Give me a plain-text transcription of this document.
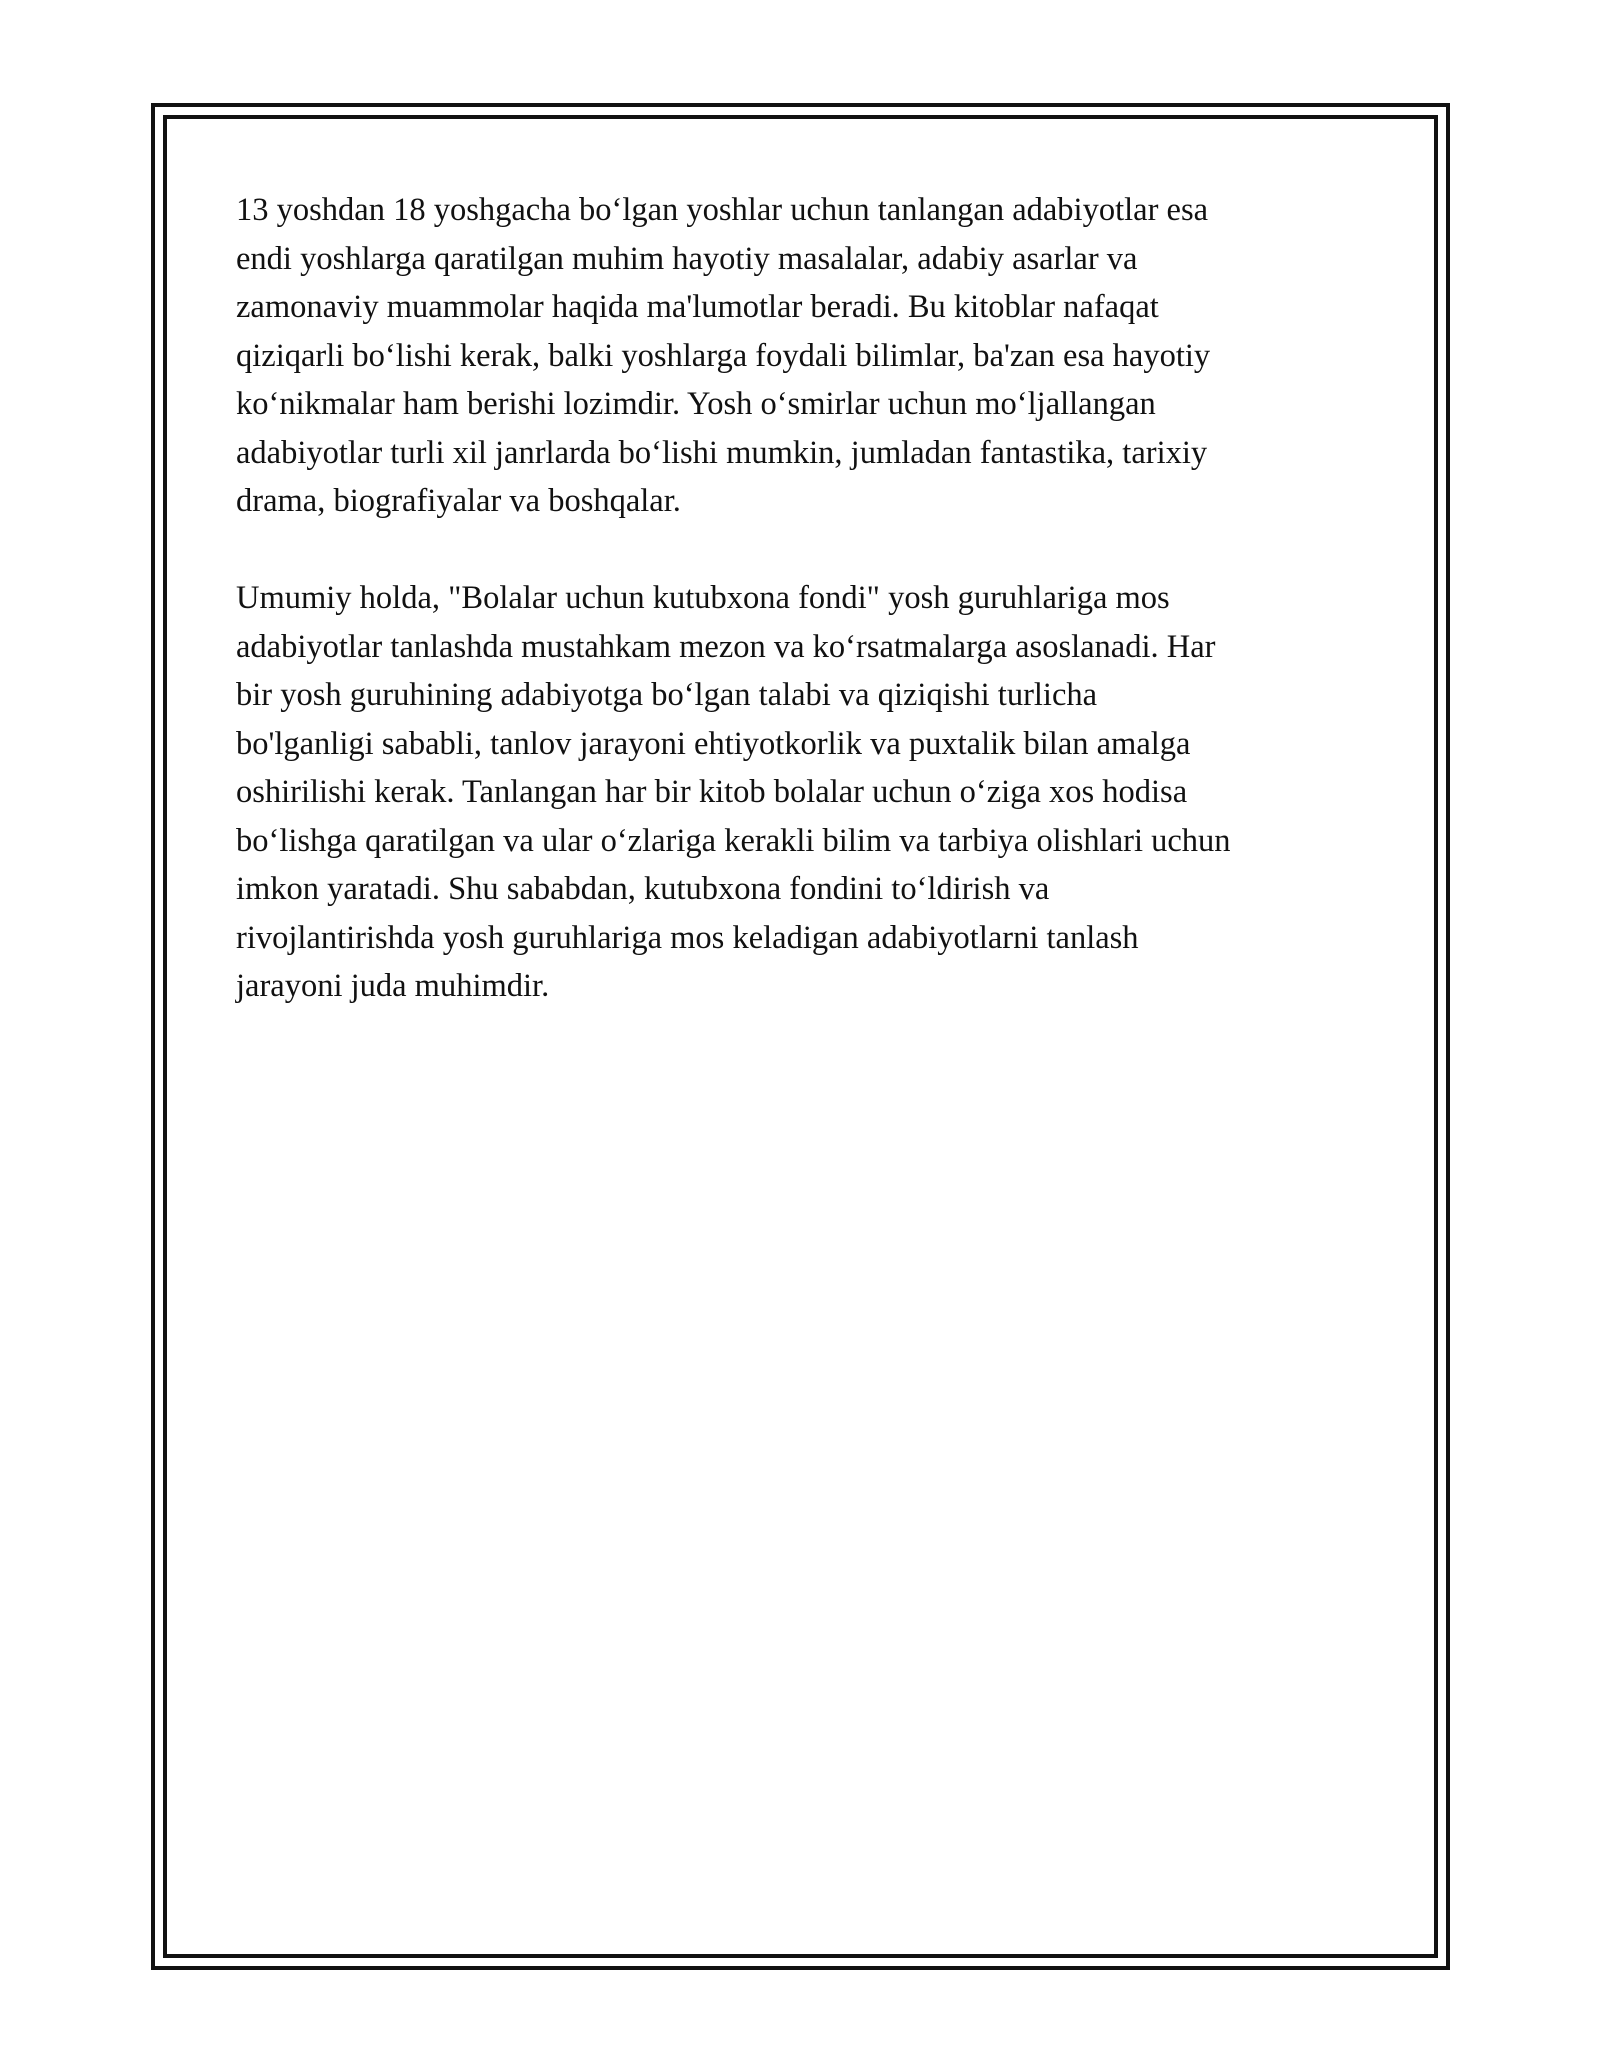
13 yoshdan 18 yoshgacha bo‘lgan yoshlar uchun tanlangan adabiyotlar esa
endi yoshlarga qaratilgan muhim hayotiy masalalar, adabiy asarlar va
zamonaviy muammolar haqida ma'lumotlar beradi. Bu kitoblar nafaqat
qiziqarli bo‘lishi kerak, balki yoshlarga foydali bilimlar, ba'zan esa hayotiy
ko‘nikmalar ham berishi lozimdir. Yosh o‘smirlar uchun mo‘ljallangan
adabiyotlar turli xil janrlarda bo‘lishi mumkin, jumladan fantastika, tarixiy
drama, biografiyalar va boshqalar.

Umumiy holda, "Bolalar uchun kutubxona fondi" yosh guruhlariga mos
adabiyotlar tanlashda mustahkam mezon va ko‘rsatmalarga asoslanadi. Har
bir yosh guruhining adabiyotga bo‘lgan talabi va qiziqishi turlicha
bo'lganligi sababli, tanlov jarayoni ehtiyotkorlik va puxtalik bilan amalga
oshirilishi kerak. Tanlangan har bir kitob bolalar uchun o‘ziga xos hodisa
bo‘lishga qaratilgan va ular o‘zlariga kerakli bilim va tarbiya olishlari uchun
imkon yaratadi. Shu sababdan, kutubxona fondini to‘ldirish va
rivojlantirishda yosh guruhlariga mos keladigan adabiyotlarni tanlash
jarayoni juda muhimdir.
